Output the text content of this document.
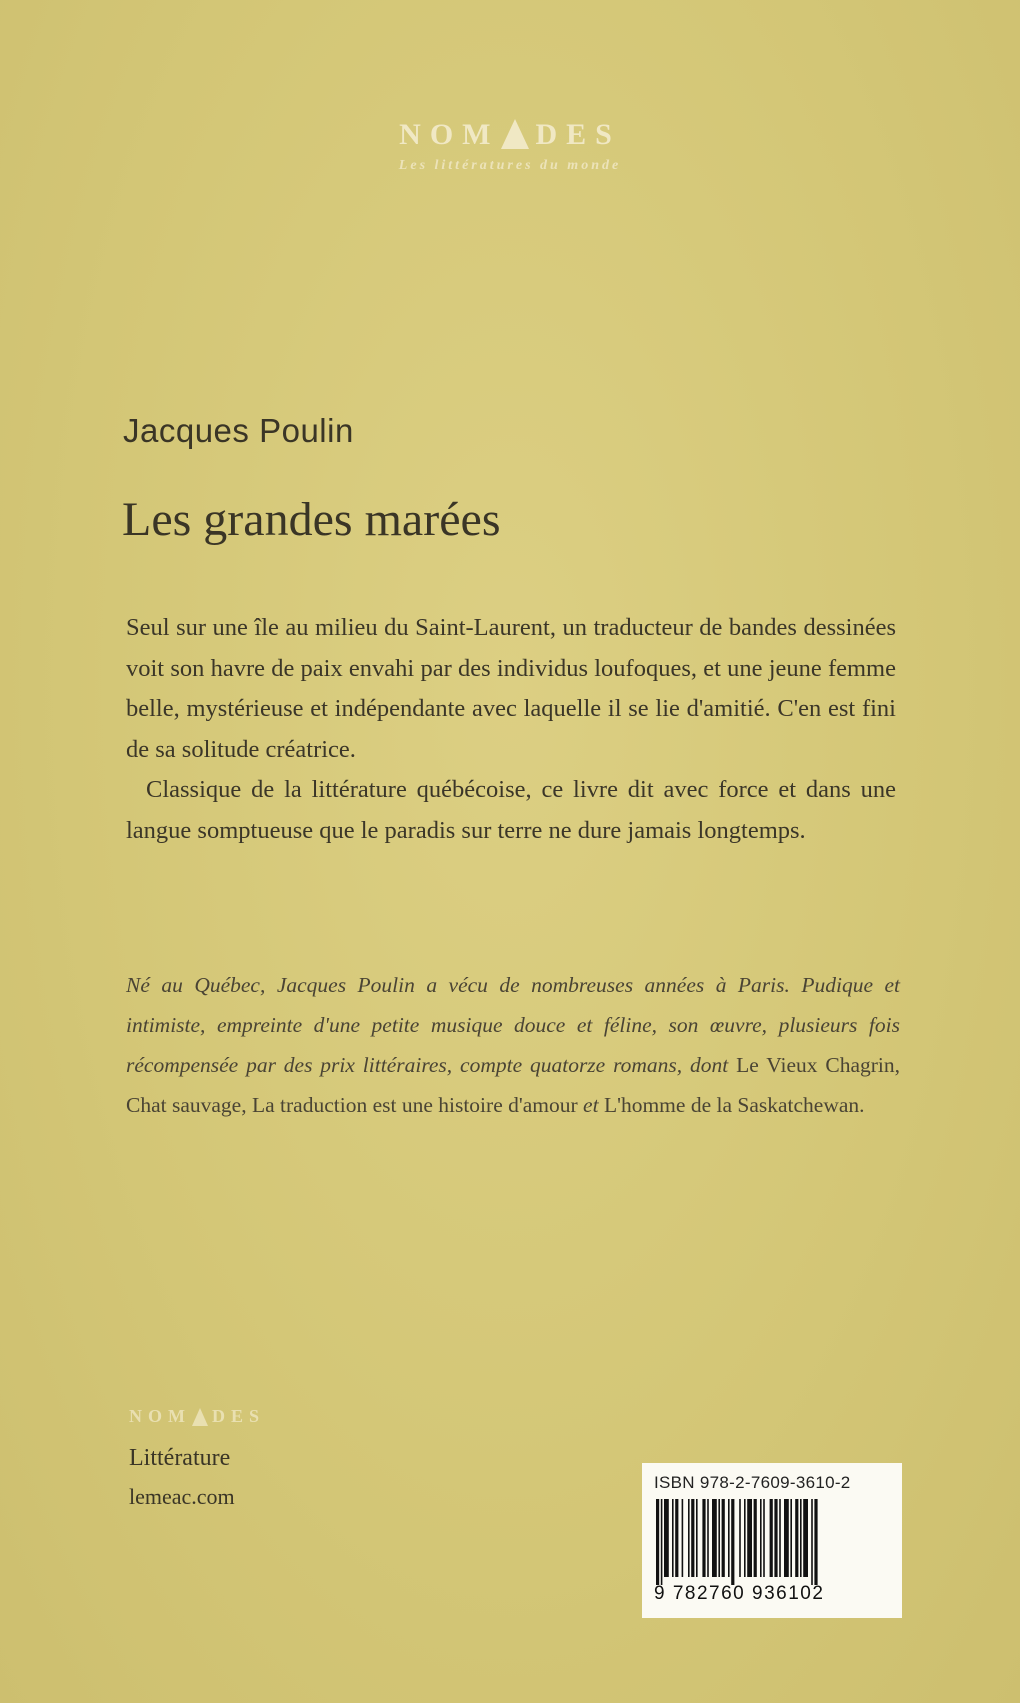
NOM DES
Les littératures du monde
Jacques Poulin
Les grandes marées

Seul sur une île au milieu du Saint-Laurent, un traducteur de bandes dessinées voit son havre de paix envahi par des individus loufoques, et une jeune femme belle, mystérieuse et indépendante avec laquelle il se lie d'amitié. C'en est fini de sa solitude créatrice.

Classique de la littérature québécoise, ce livre dit avec force et dans une langue somptueuse que le paradis sur terre ne dure jamais longtemps.

Né au Québec, Jacques Poulin a vécu de nombreuses années à Paris. Pudique et intimiste, empreinte d'une petite musique douce et féline, son œuvre, plusieurs fois récompensée par des prix littéraires, compte quatorze romans, dont Le Vieux Chagrin, Chat sauvage, La traduction est une histoire d'amour et L'homme de la Saskatchewan.

NOM DES
Littérature
lemeac.com
ISBN 978-2-7609-3610-2
9 782760 936102
